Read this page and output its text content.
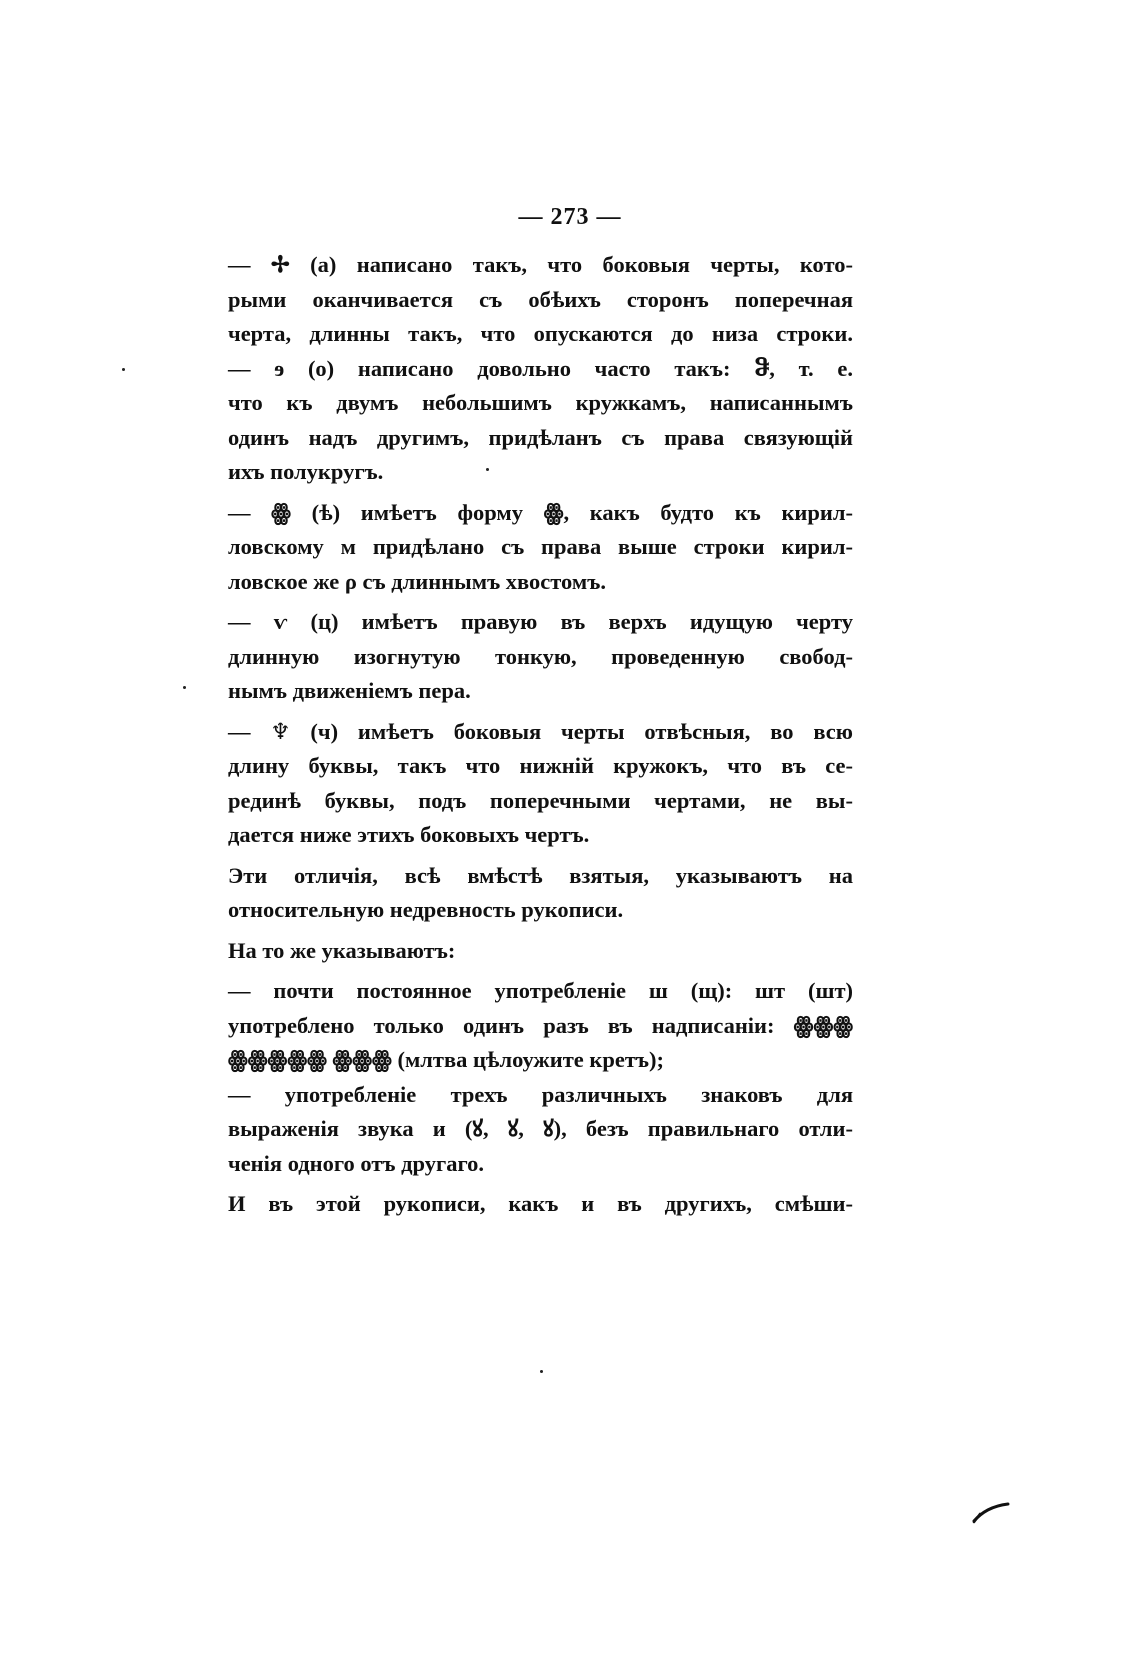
— 273 —
— ✢ (а) написано такъ, что боковыя черты, кото-
рыми оканчивается съ обѣихъ сторонъ поперечная
черта, длинны такъ, что опускаются до низа строки.
— ɘ (о) написано довольно часто такъ: ჵ, т. е.
что къ двумъ небольшимъ кружкамъ, написаннымъ
одинъ надъ другимъ, придѣланъ съ права связующій
ихъ полукругъ.
— ꙮ (ѣ) имѣетъ форму ꙮ, какъ будто къ кирил-
ловскому м придѣлано съ права выше строки кирил-
ловское же ρ съ длиннымъ хвостомъ.
— ѵ (ц) имѣетъ правую въ верхъ идущую черту
длинную изогнутую тонкую, проведенную свобод-
нымъ движеніемъ пера.
— ♆ (ч) имѣетъ боковыя черты отвѣсныя, во всю
длину буквы, такъ что нижній кружокъ, что въ се-
рединѣ буквы, подъ поперечными чертами, не вы-
дается ниже этихъ боковыхъ чертъ.
Эти отличія, всѣ вмѣстѣ взятыя, указываютъ на
относительную недревность рукописи.
На то же указываютъ:
— почти постоянное употребленіе ш (щ): шт (шт)
употреблено только одинъ разъ въ надписаніи: ꙮꙮꙮ
ꙮꙮꙮꙮꙮ ꙮꙮꙮ (млтва цѣлоужите кретъ);
— употребленіе трехъ различныхъ знаковъ для
выраженія звука и (ꙋ, ꙋ, ꙋ), безъ правильнаго отли-
ченія одного отъ другаго.
И въ этой рукописи, какъ и въ другихъ, смѣши-
